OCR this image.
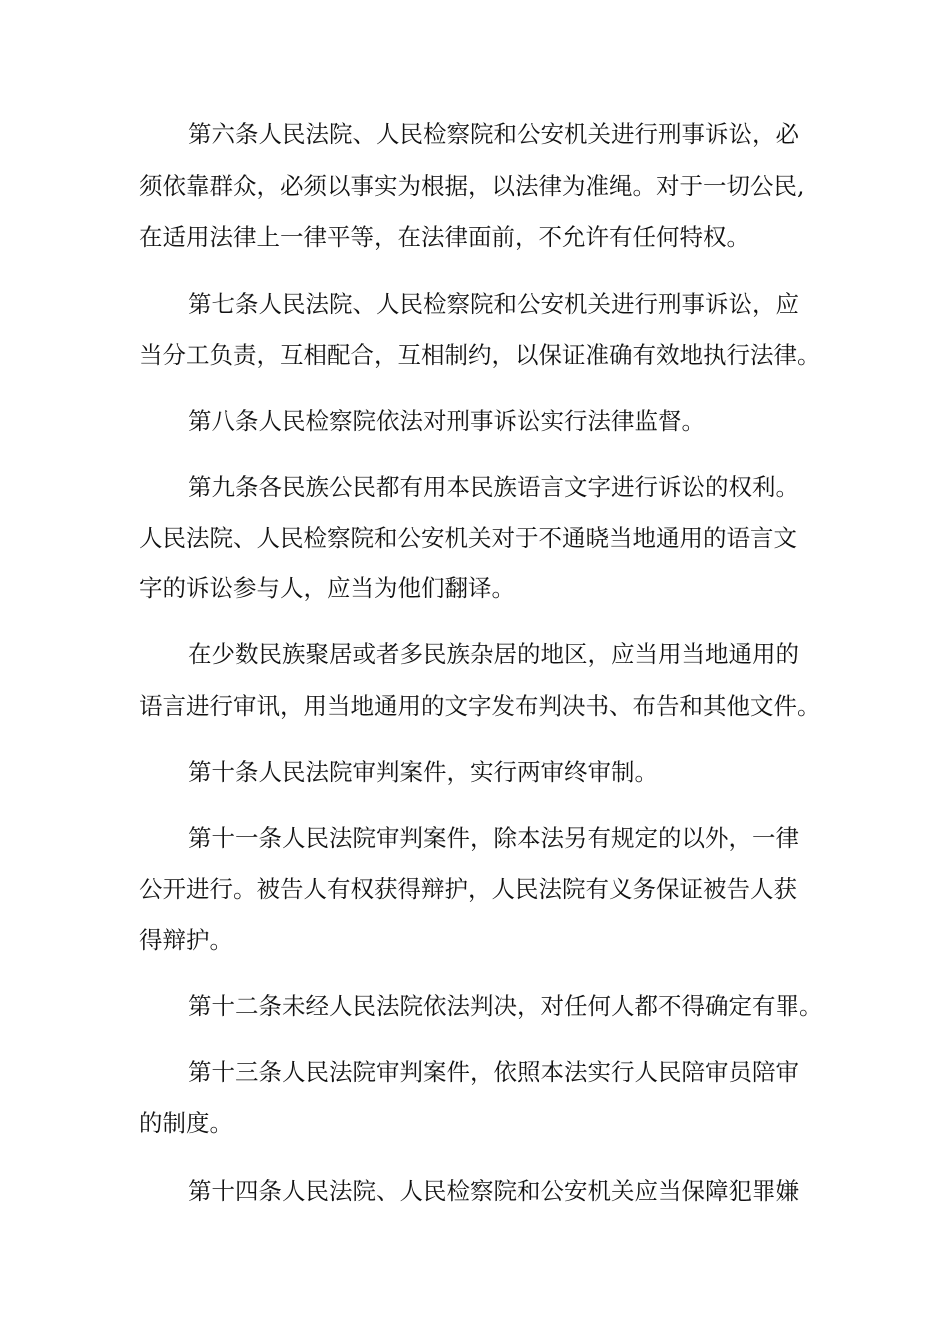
第六条人民法院、人民检察院和公安机关进行刑事诉讼，必
须依靠群众，必须以事实为根据，以法律为准绳。对于一切公民,
在适用法律上一律平等，在法律面前，不允许有任何特权。
第七条人民法院、人民检察院和公安机关进行刑事诉讼，应
当分工负责，互相配合，互相制约，以保证准确有效地执行法律。
第八条人民检察院依法对刑事诉讼实行法律监督。
第九条各民族公民都有用本民族语言文字进行诉讼的权利。
人民法院、人民检察院和公安机关对于不通晓当地通用的语言文
字的诉讼参与人，应当为他们翻译。
在少数民族聚居或者多民族杂居的地区，应当用当地通用的
语言进行审讯，用当地通用的文字发布判决书、布告和其他文件。
第十条人民法院审判案件，实行两审终审制。
第十一条人民法院审判案件，除本法另有规定的以外，一律
公开进行。被告人有权获得辩护，人民法院有义务保证被告人获
得辩护。
第十二条未经人民法院依法判决，对任何人都不得确定有罪。
第十三条人民法院审判案件，依照本法实行人民陪审员陪审
的制度。
第十四条人民法院、人民检察院和公安机关应当保障犯罪嫌
